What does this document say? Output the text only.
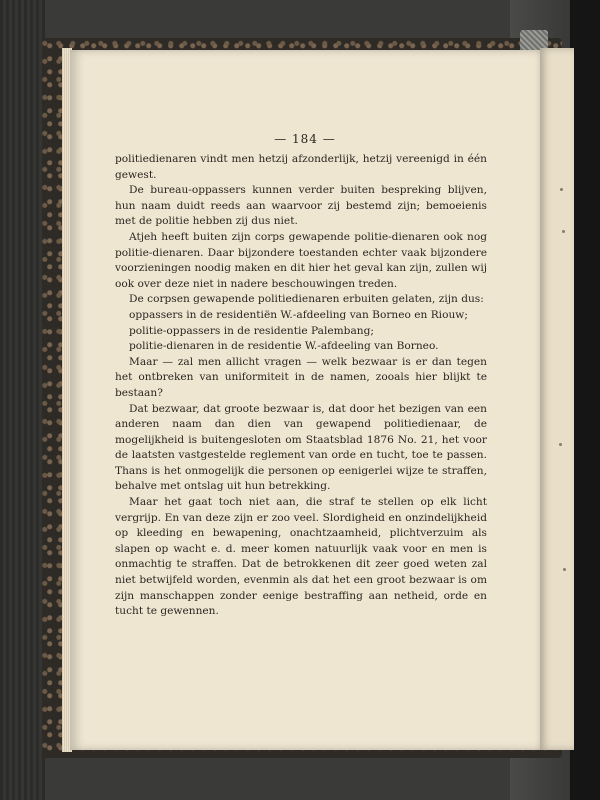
— 184 —

politiedienaren vindt men hetzij afzonderlijk, hetzij vereenigd in één gewest.

De bureau-oppassers kunnen verder buiten bespreking blijven, hun naam duidt reeds aan waarvoor zij bestemd zijn; bemoeienis met de politie hebben zij dus niet.

Atjeh heeft buiten zijn corps gewapende politie-dienaren ook nog politie-dienaren. Daar bijzondere toestanden echter vaak bijzondere voorzieningen noodig maken en dit hier het geval kan zijn, zullen wij ook over deze niet in nadere beschouwingen treden.

De corpsen gewapende politiedienaren erbuiten gelaten, zijn dus:

oppassers in de residentiën W.-afdeeling van Borneo en Riouw;

politie-oppassers in de residentie Palembang;

politie-dienaren in de residentie W.-afdeeling van Borneo.

Maar — zal men allicht vragen — welk bezwaar is er dan tegen het ontbreken van uniformiteit in de namen, zooals hier blijkt te bestaan?

Dat bezwaar, dat groote bezwaar is, dat door het bezigen van een anderen naam dan dien van gewapend politiedienaar, de mogelijkheid is buitengesloten om Staatsblad 1876 No. 21, het voor de laatsten vastgestelde reglement van orde en tucht, toe te passen. Thans is het onmogelijk die personen op eenigerlei wijze te straffen, behalve met ontslag uit hun betrekking.

Maar het gaat toch niet aan, die straf te stellen op elk licht vergrijp. En van deze zijn er zoo veel. Slordigheid en onzindelijkheid op kleeding en bewapening, onachtzaamheid, plichtverzuim als slapen op wacht e. d. meer komen natuurlijk vaak voor en men is onmachtig te straffen. Dat de betrokkenen dit zeer goed weten zal niet betwijfeld worden, evenmin als dat het een groot bezwaar is om zijn manschappen zonder eenige bestraffing aan netheid, orde en tucht te gewennen.
